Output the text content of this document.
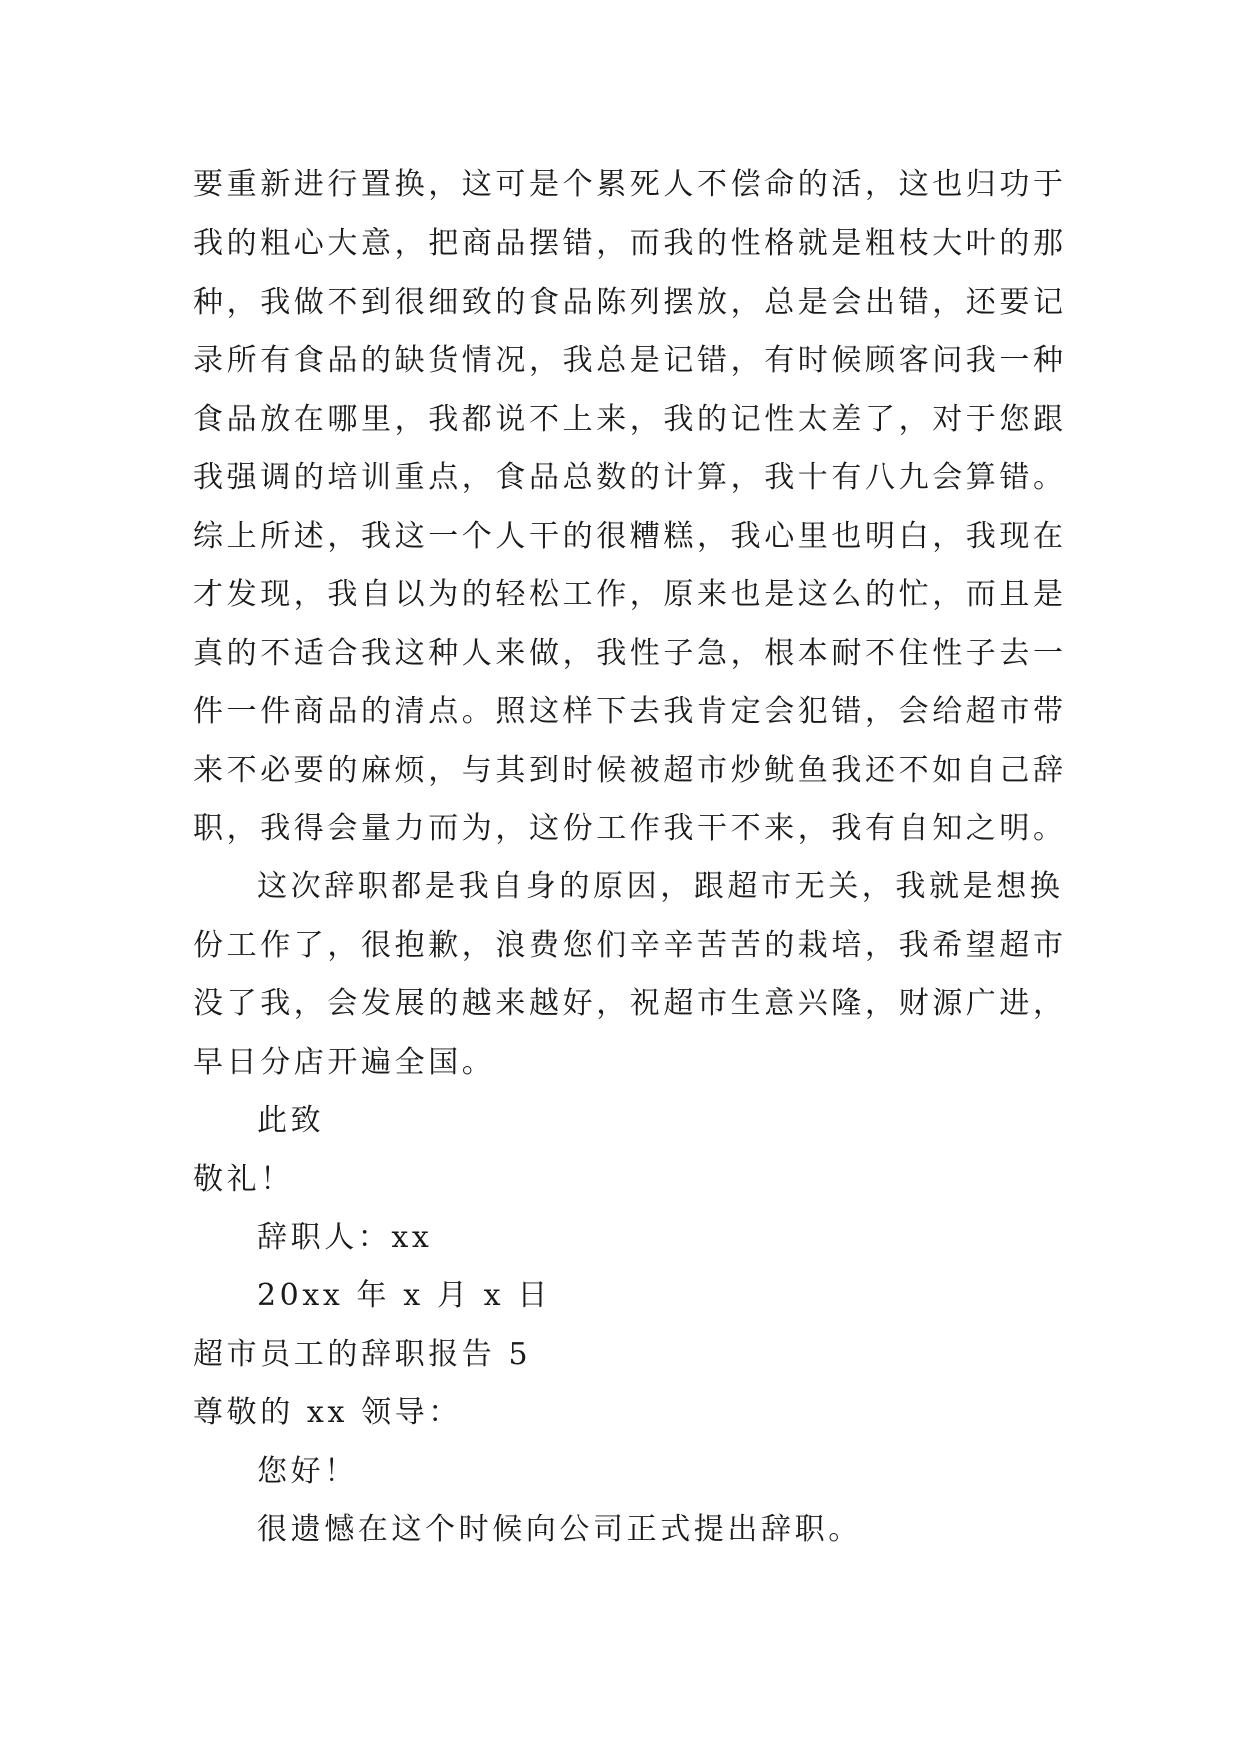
要重新进行置换，这可是个累死人不偿命的活，这也归功于
我的粗心大意，把商品摆错，而我的性格就是粗枝大叶的那
种，我做不到很细致的食品陈列摆放，总是会出错，还要记
录所有食品的缺货情况，我总是记错，有时候顾客问我一种
食品放在哪里，我都说不上来，我的记性太差了，对于您跟
我强调的培训重点，食品总数的计算，我十有八九会算错。
综上所述，我这一个人干的很糟糕，我心里也明白，我现在
才发现，我自以为的轻松工作，原来也是这么的忙，而且是
真的不适合我这种人来做，我性子急，根本耐不住性子去一
件一件商品的清点。照这样下去我肯定会犯错，会给超市带
来不必要的麻烦，与其到时候被超市炒鱿鱼我还不如自己辞
职，我得会量力而为，这份工作我干不来，我有自知之明。
这次辞职都是我自身的原因，跟超市无关，我就是想换
份工作了，很抱歉，浪费您们辛辛苦苦的栽培，我希望超市
没了我，会发展的越来越好，祝超市生意兴隆，财源广进，
早日分店开遍全国。
此致
敬礼！
辞职人：xx
20xx 年 x 月 x 日
超市员工的辞职报告 5
尊敬的 xx 领导：
您好！
很遗憾在这个时候向公司正式提出辞职。
